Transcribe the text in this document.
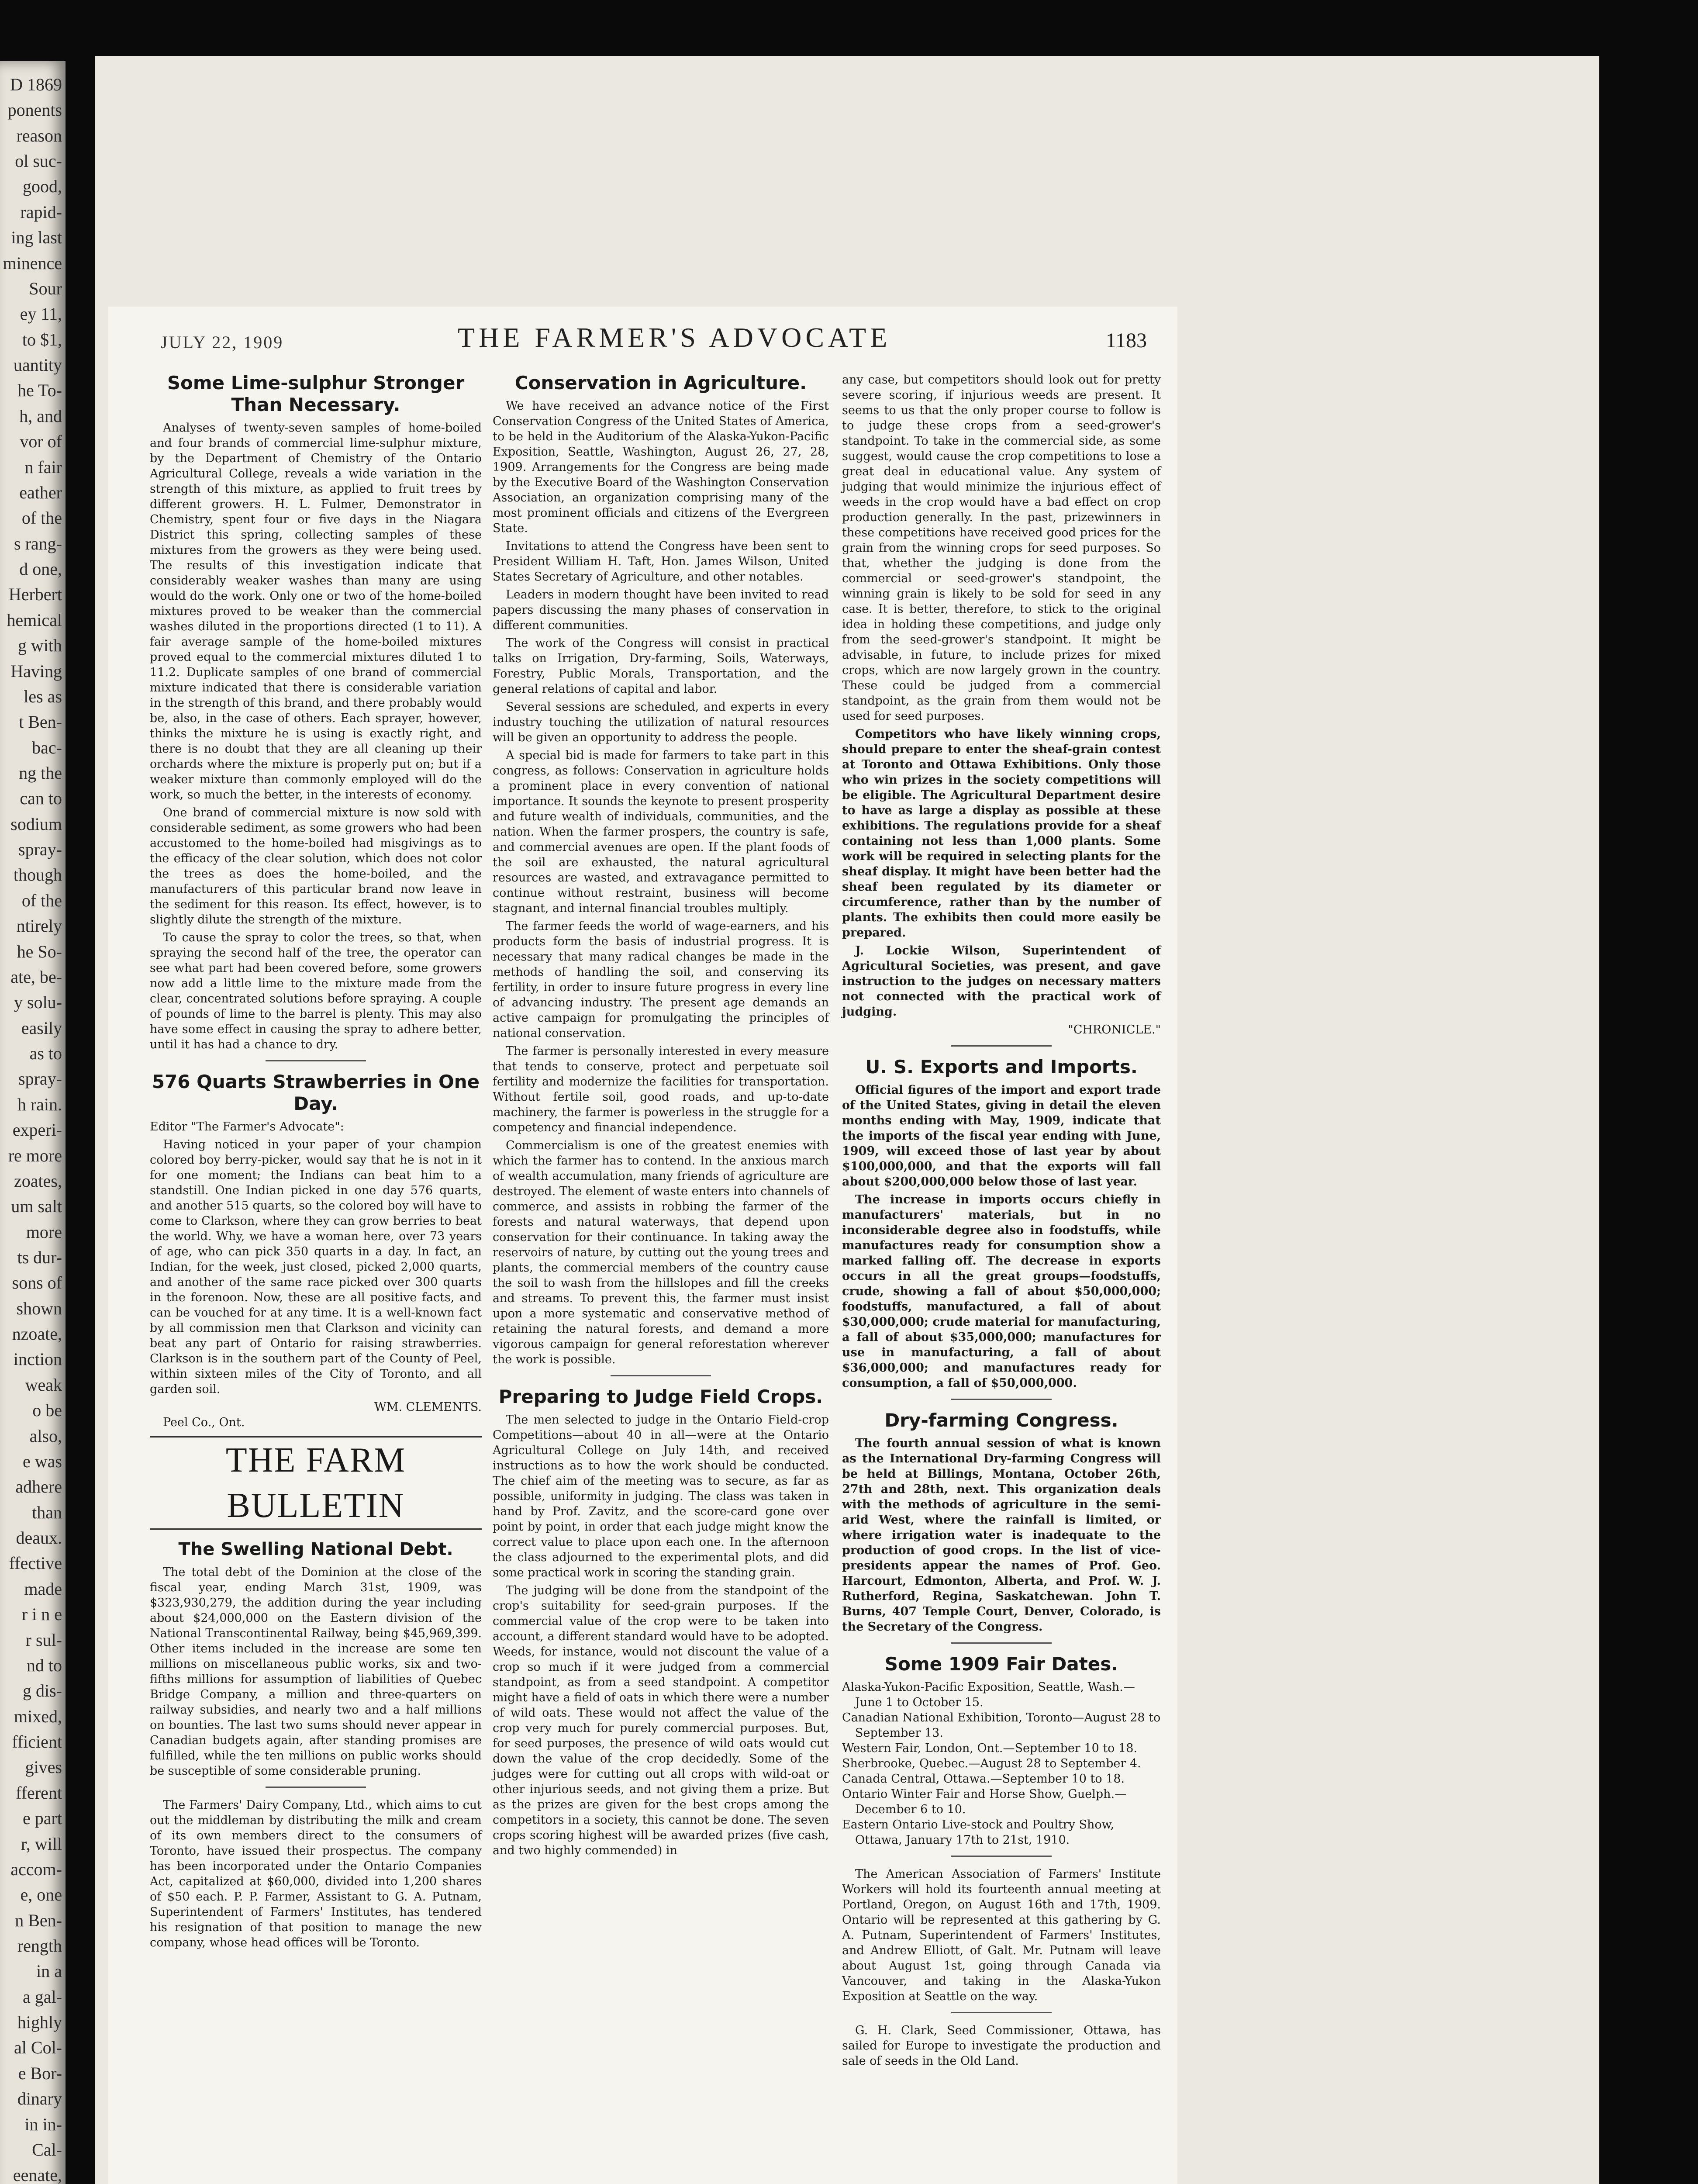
D 1869
ponents
reason
ol suc-
good,
rapid-
ing last
minence
Sour
ey 11,
to $1,
uantity
he To-
h, and
vor of
n fair
eather
of the
s rang-
d one,
Herbert
hemical
g with
Having
les as
t Ben-
bac-
ng the
can to
sodium
spray-
though
of the
ntirely
he So-
ate, be-
y solu-
easily
as to
spray-
h rain.
experi-
re more
zoates,
um salt
more
ts dur-
sons of
shown
nzoate,
inction
weak
o be
also,
e was
adhere
than
deaux.
ffective
made
r i n e
r sul-
nd to
g dis-
mixed,
fficient
gives
fferent
e part
r, will
accom-
e, one
n Ben-
rength
in a
a gal-
highly
al Col-
e Bor-
dinary
in in-
Cal-
eenate,
JULY 22, 1909	THE FARMER'S ADVOCATE	1183
Some Lime-sulphur Stronger Than Necessary.

Analyses of twenty-seven samples of home-boiled and four brands of commercial lime-sulphur mixture, by the Department of Chemistry of the Ontario Agricultural College, reveals a wide variation in the strength of this mixture, as applied to fruit trees by different growers. H. L. Fulmer, Demonstrator in Chemistry, spent four or five days in the Niagara District this spring, collecting samples of these mixtures from the growers as they were being used. The results of this investigation indicate that considerably weaker washes than many are using would do the work. Only one or two of the home-boiled mixtures proved to be weaker than the commercial washes diluted in the proportions directed (1 to 11). A fair average sample of the home-boiled mixtures proved equal to the commercial mixtures diluted 1 to 11.2. Duplicate samples of one brand of commercial mixture indicated that there is considerable variation in the strength of this brand, and there probably would be, also, in the case of others. Each sprayer, however, thinks the mixture he is using is exactly right, and there is no doubt that they are all cleaning up their orchards where the mixture is properly put on; but if a weaker mixture than commonly employed will do the work, so much the better, in the interests of economy.

One brand of commercial mixture is now sold with considerable sediment, as some growers who had been accustomed to the home-boiled had misgivings as to the efficacy of the clear solution, which does not color the trees as does the home-boiled, and the manufacturers of this particular brand now leave in the sediment for this reason. Its effect, however, is to slightly dilute the strength of the mixture.

To cause the spray to color the trees, so that, when spraying the second half of the tree, the operator can see what part had been covered before, some growers now add a little lime to the mixture made from the clear, concentrated solutions before spraying. A couple of pounds of lime to the barrel is plenty. This may also have some effect in causing the spray to adhere better, until it has had a chance to dry.

576 Quarts Strawberries in One Day.

Editor "The Farmer's Advocate":

Having noticed in your paper of your champion colored boy berry-picker, would say that he is not in it for one moment; the Indians can beat him to a standstill. One Indian picked in one day 576 quarts, and another 515 quarts, so the colored boy will have to come to Clarkson, where they can grow berries to beat the world. Why, we have a woman here, over 73 years of age, who can pick 350 quarts in a day. In fact, an Indian, for the week, just closed, picked 2,000 quarts, and another of the same race picked over 300 quarts in the forenoon. Now, these are all positive facts, and can be vouched for at any time. It is a well-known fact by all commission men that Clarkson and vicinity can beat any part of Ontario for raising strawberries. Clarkson is in the southern part of the County of Peel, within sixteen miles of the City of Toronto, and all garden soil.

WM. CLEMENTS.

Peel Co., Ont.

THE FARM BULLETIN
The Swelling National Debt.

The total debt of the Dominion at the close of the fiscal year, ending March 31st, 1909, was $323,930,279, the addition during the year including about $24,000,000 on the Eastern division of the National Transcontinental Railway, being $45,969,399. Other items included in the increase are some ten millions on miscellaneous public works, six and two-fifths millions for assumption of liabilities of Quebec Bridge Company, a million and three-quarters on railway subsidies, and nearly two and a half millions on bounties. The last two sums should never appear in Canadian budgets again, after standing promises are fulfilled, while the ten millions on public works should be susceptible of some considerable pruning.

The Farmers' Dairy Company, Ltd., which aims to cut out the middleman by distributing the milk and cream of its own members direct to the consumers of Toronto, have issued their prospectus. The company has been incorporated under the Ontario Companies Act, capitalized at $60,000, divided into 1,200 shares of $50 each. P. P. Farmer, Assistant to G. A. Putnam, Superintendent of Farmers' Institutes, has tendered his resignation of that position to manage the new company, whose head offices will be Toronto.

Conservation in Agriculture.

We have received an advance notice of the First Conservation Congress of the United States of America, to be held in the Auditorium of the Alaska-Yukon-Pacific Exposition, Seattle, Washington, August 26, 27, 28, 1909. Arrangements for the Congress are being made by the Executive Board of the Washington Conservation Association, an organization comprising many of the most prominent officials and citizens of the Evergreen State.

Invitations to attend the Congress have been sent to President William H. Taft, Hon. James Wilson, United States Secretary of Agriculture, and other notables.

Leaders in modern thought have been invited to read papers discussing the many phases of conservation in different communities.

The work of the Congress will consist in practical talks on Irrigation, Dry-farming, Soils, Waterways, Forestry, Public Morals, Transportation, and the general relations of capital and labor.

Several sessions are scheduled, and experts in every industry touching the utilization of natural resources will be given an opportunity to address the people.

A special bid is made for farmers to take part in this congress, as follows: Conservation in agriculture holds a prominent place in every convention of national importance. It sounds the keynote to present prosperity and future wealth of individuals, communities, and the nation. When the farmer prospers, the country is safe, and commercial avenues are open. If the plant foods of the soil are exhausted, the natural agricultural resources are wasted, and extravagance permitted to continue without restraint, business will become stagnant, and internal financial troubles multiply.

The farmer feeds the world of wage-earners, and his products form the basis of industrial progress. It is necessary that many radical changes be made in the methods of handling the soil, and conserving its fertility, in order to insure future progress in every line of advancing industry. The present age demands an active campaign for promulgating the principles of national conservation.

The farmer is personally interested in every measure that tends to conserve, protect and perpetuate soil fertility and modernize the facilities for transportation. Without fertile soil, good roads, and up-to-date machinery, the farmer is powerless in the struggle for a competency and financial independence.

Commercialism is one of the greatest enemies with which the farmer has to contend. In the anxious march of wealth accumulation, many friends of agriculture are destroyed. The element of waste enters into channels of commerce, and assists in robbing the farmer of the forests and natural waterways, that depend upon conservation for their continuance. In taking away the reservoirs of nature, by cutting out the young trees and plants, the commercial members of the country cause the soil to wash from the hillslopes and fill the creeks and streams. To prevent this, the farmer must insist upon a more systematic and conservative method of retaining the natural forests, and demand a more vigorous campaign for general reforestation wherever the work is possible.

Preparing to Judge Field Crops.

The men selected to judge in the Ontario Field-crop Competitions—about 40 in all—were at the Ontario Agricultural College on July 14th, and received instructions as to how the work should be conducted. The chief aim of the meeting was to secure, as far as possible, uniformity in judging. The class was taken in hand by Prof. Zavitz, and the score-card gone over point by point, in order that each judge might know the correct value to place upon each one. In the afternoon the class adjourned to the experimental plots, and did some practical work in scoring the standing grain.

The judging will be done from the standpoint of the crop's suitability for seed-grain purposes. If the commercial value of the crop were to be taken into account, a different standard would have to be adopted. Weeds, for instance, would not discount the value of a crop so much if it were judged from a commercial standpoint, as from a seed standpoint. A competitor might have a field of oats in which there were a number of wild oats. These would not affect the value of the crop very much for purely commercial purposes. But, for seed purposes, the presence of wild oats would cut down the value of the crop decidedly. Some of the judges were for cutting out all crops with wild-oat or other injurious seeds, and not giving them a prize. But as the prizes are given for the best crops among the competitors in a society, this cannot be done. The seven crops scoring highest will be awarded prizes (five cash, and two highly commended) in

any case, but competitors should look out for pretty severe scoring, if injurious weeds are present. It seems to us that the only proper course to follow is to judge these crops from a seed-grower's standpoint. To take in the commercial side, as some suggest, would cause the crop competitions to lose a great deal in educational value. Any system of judging that would minimize the injurious effect of weeds in the crop would have a bad effect on crop production generally. In the past, prizewinners in these competitions have received good prices for the grain from the winning crops for seed purposes. So that, whether the judging is done from the commercial or seed-grower's standpoint, the winning grain is likely to be sold for seed in any case. It is better, therefore, to stick to the original idea in holding these competitions, and judge only from the seed-grower's standpoint. It might be advisable, in future, to include prizes for mixed crops, which are now largely grown in the country. These could be judged from a commercial standpoint, as the grain from them would not be used for seed purposes.

Competitors who have likely winning crops, should prepare to enter the sheaf-grain contest at Toronto and Ottawa Exhibitions. Only those who win prizes in the society competitions will be eligible. The Agricultural Department desire to have as large a display as possible at these exhibitions. The regulations provide for a sheaf containing not less than 1,000 plants. Some work will be required in selecting plants for the sheaf display. It might have been better had the sheaf been regulated by its diameter or circumference, rather than by the number of plants. The exhibits then could more easily be prepared.

J. Lockie Wilson, Superintendent of Agricultural Societies, was present, and gave instruction to the judges on necessary matters not connected with the practical work of judging.

"CHRONICLE."

U. S. Exports and Imports.

Official figures of the import and export trade of the United States, giving in detail the eleven months ending with May, 1909, indicate that the imports of the fiscal year ending with June, 1909, will exceed those of last year by about $100,000,000, and that the exports will fall about $200,000,000 below those of last year.

The increase in imports occurs chiefly in manufacturers' materials, but in no inconsiderable degree also in foodstuffs, while manufactures ready for consumption show a marked falling off. The decrease in exports occurs in all the great groups—foodstuffs, crude, showing a fall of about $50,000,000; foodstuffs, manufactured, a fall of about $30,000,000; crude material for manufacturing, a fall of about $35,000,000; manufactures for use in manufacturing, a fall of about $36,000,000; and manufactures ready for consumption, a fall of $50,000,000.

Dry-farming Congress.

The fourth annual session of what is known as the International Dry-farming Congress will be held at Billings, Montana, October 26th, 27th and 28th, next. This organization deals with the methods of agriculture in the semi-arid West, where the rainfall is limited, or where irrigation water is inadequate to the production of good crops. In the list of vice-presidents appear the names of Prof. Geo. Harcourt, Edmonton, Alberta, and Prof. W. J. Rutherford, Regina, Saskatchewan. John T. Burns, 407 Temple Court, Denver, Colorado, is the Secretary of the Congress.

Some 1909 Fair Dates.

Alaska-Yukon-Pacific Exposition, Seattle, Wash.—June 1 to October 15.

Canadian National Exhibition, Toronto—August 28 to September 13.

Western Fair, London, Ont.—September 10 to 18.

Sherbrooke, Quebec.—August 28 to September 4.

Canada Central, Ottawa.—September 10 to 18.

Ontario Winter Fair and Horse Show, Guelph.—December 6 to 10.

Eastern Ontario Live-stock and Poultry Show, Ottawa, January 17th to 21st, 1910.

The American Association of Farmers' Institute Workers will hold its fourteenth annual meeting at Portland, Oregon, on August 16th and 17th, 1909. Ontario will be represented at this gathering by G. A. Putnam, Superintendent of Farmers' Institutes, and Andrew Elliott, of Galt. Mr. Putnam will leave about August 1st, going through Canada via Vancouver, and taking in the Alaska-Yukon Exposition at Seattle on the way.

G. H. Clark, Seed Commissioner, Ottawa, has sailed for Europe to investigate the production and sale of seeds in the Old Land.
